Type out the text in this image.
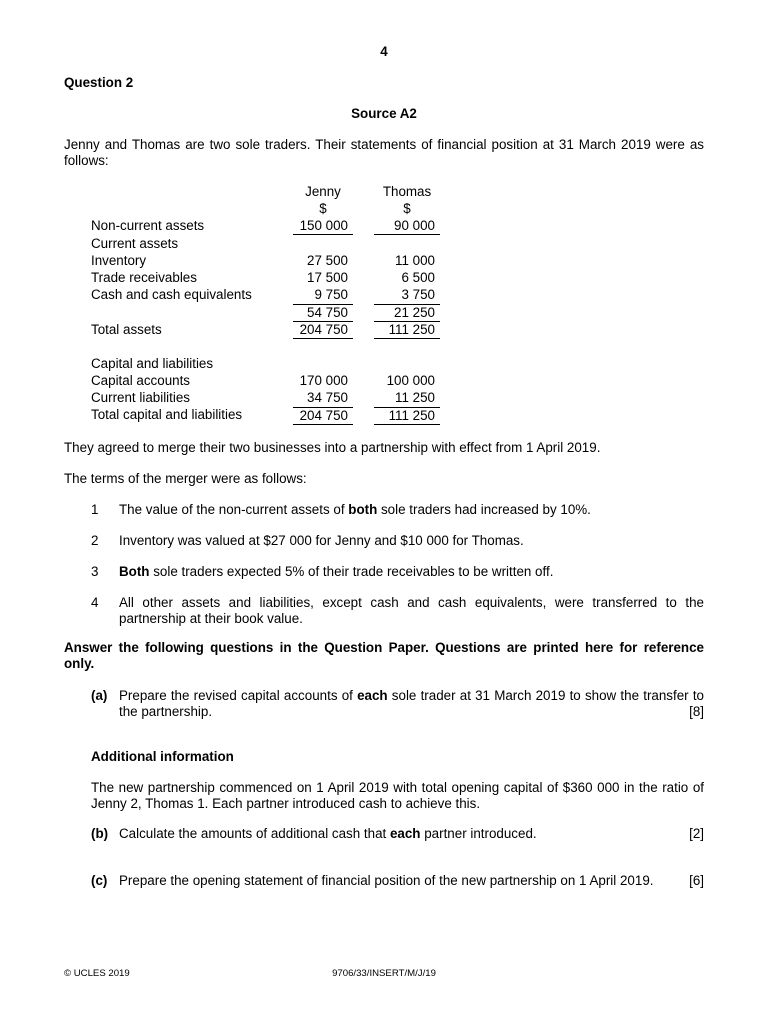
4
Question 2
Source A2
Jenny and Thomas are two sole traders. Their statements of financial position at 31 March 2019 were as follows:
Jenny	Thomas
$	$
Non-current assets	150 000	90 000
Current assets
Inventory	27 500	11 000
Trade receivables	17 500	6 500
Cash and cash equivalents	9 750	3 750
54 750	21 250
Total assets	204 750	111 250
Capital and liabilities
Capital accounts	170 000	100 000
Current liabilities	34 750	11 250
Total capital and liabilities	204 750	111 250
They agreed to merge their two businesses into a partnership with effect from 1 April 2019.
The terms of the merger were as follows:
1 The value of the non-current assets of both sole traders had increased by 10%.
2 Inventory was valued at $27 000 for Jenny and $10 000 for Thomas.
3 Both sole traders expected 5% of their trade receivables to be written off.
4 All other assets and liabilities, except cash and cash equivalents, were transferred to the partnership at their book value.
Answer the following questions in the Question Paper. Questions are printed here for reference only.
(a) Prepare the revised capital accounts of each sole trader at 31 March 2019 to show the transfer to the partnership.	[8]
Additional information
The new partnership commenced on 1 April 2019 with total opening capital of $360 000 in the ratio of Jenny 2, Thomas 1. Each partner introduced cash to achieve this.
(b) Calculate the amounts of additional cash that each partner introduced.	[2]
(c) Prepare the opening statement of financial position of the new partnership on 1 April 2019.	[6]
© UCLES 2019	9706/33/INSERT/M/J/19
